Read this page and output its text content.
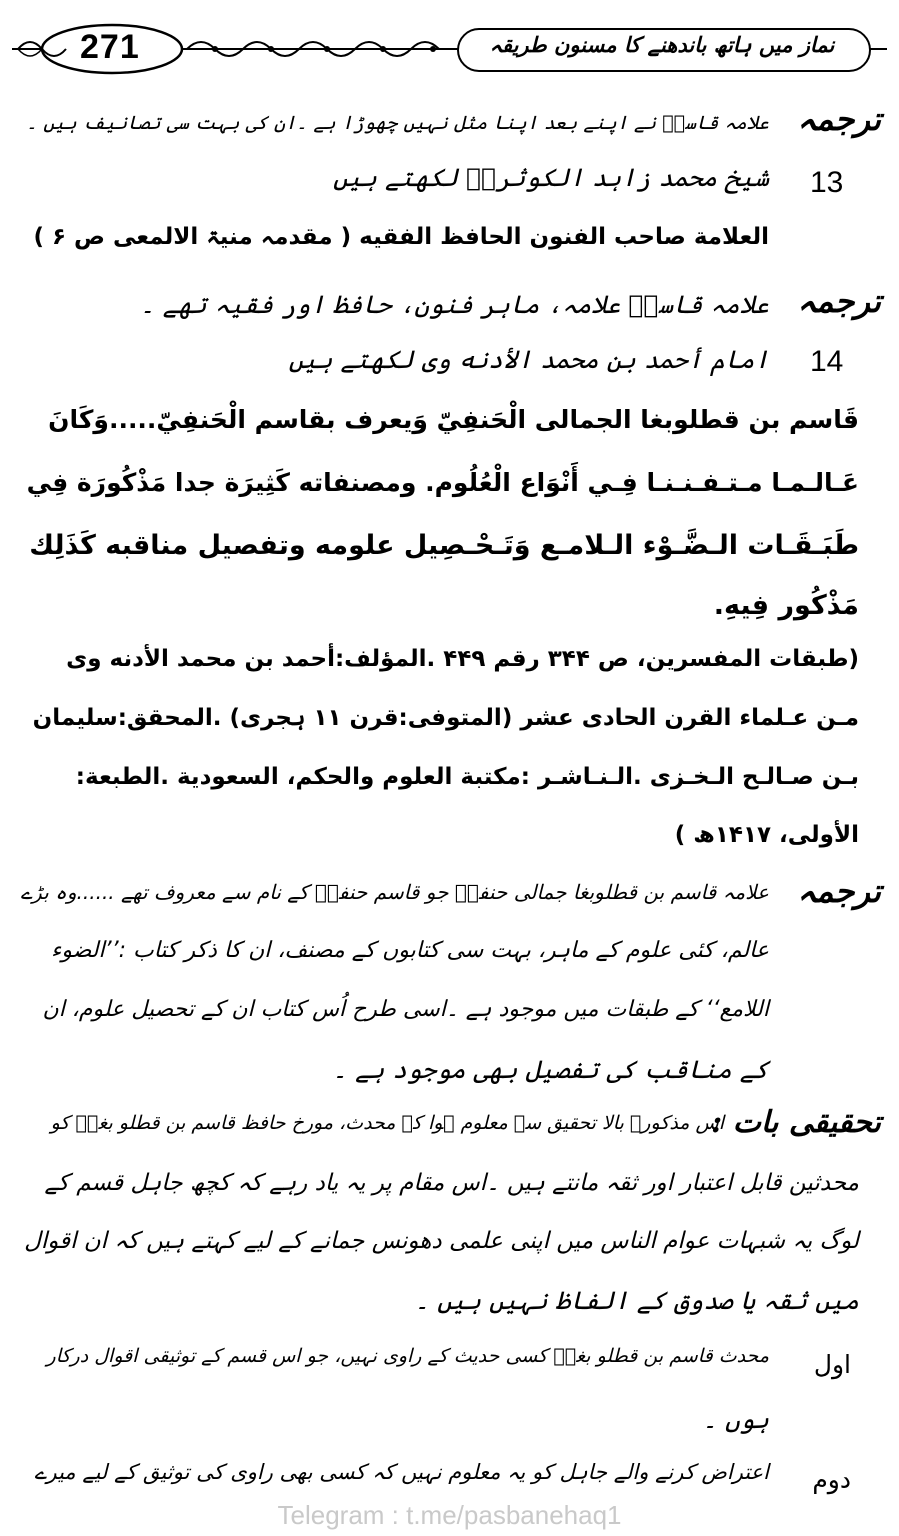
271	نماز میں ہاتھ باندھنے کا مسنون طریقہ
ترجمہ
علامہ قاسمؒ نے اپنے بعد اپنا مثل نہیں چھوڑا ہے ۔ان کی بہت سی تصانیف ہیں ۔
13
شیخ محمد زاہد الکوثریؒ لکھتے ہیں
العلامة صاحب الفنون الحافظ الفقيه ( مقدمہ منیۃ الالمعی ص ۶ )
ترجمہ
علامہ قاسمؒ علامہ، ماہر فنون، حافظ اور فقیہ تھے ۔
14
امام أحمد بن محمد الأدنه وی لکھتے ہیں
قَاسم بن قطلوبغا الجمالى الْحَنفِيّ وَيعرف بقاسم الْحَنفِيّ.....وَكَانَ
عَـالـمـا مـتـفـنـنـا فِـي أَنْوَاع الْعُلُوم. ومصنفاته كَثِيرَة جدا مَذْكُورَة فِي
طَبَـقَـات الـضَّـوْء الـلامـع وَتَـحْـصِيل علومه وتفصيل مناقبه كَذَلِك
مَذْكُور فِيهِ.
(طبقات المفسرين، ص ۳۴۴ رقم ۴۴۹ .المؤلف:أحمد بن محمد الأدنه وی
مـن عـلماء القرن الحادی عشر (المتوفی:قرن ۱۱ ہجری) .المحقق:سليمان
بـن صـالـح الـخـزی .الـنـاشـر :مكتبة العلوم والحكم، السعودية .الطبعة:
الأولى، ۱۴۱۷ھ )
ترجمہ
علامہ قاسم بن قطلوبغا جمالی حنفیؒ جو قاسم حنفیؒ کے نام سے معروف تھے ......وہ بڑے
عالم، کئی علوم کے ماہر، بہت سی کتابوں کے مصنف، ان کا ذکر کتاب :’’الضوء
اللامع‘‘ کے طبقات میں موجود ہے ۔اسی طرح اُس کتاب ان کے تحصیل علوم، ان
کے مناقب کی تفصیل بھی موجود ہے ۔
تحقیقی بات :
اس مذکورہ بالا تحقیق سے معلوم ہوا کہ محدث، مورخ حافظ قاسم بن قطلو بغاؒ کو
محدثین قابل اعتبار اور ثقہ مانتے ہیں ۔اس مقام پر یہ یاد رہے کہ کچھ جاہل قسم کے
لوگ یہ شبہات عوام الناس میں اپنی علمی دھونس جمانے کے لیے کہتے ہیں کہ ان اقوال
میں ثقہ یا صدوق کے الفاظ نہیں ہیں ۔
اول
محدث قاسم بن قطلو بغاؒ کسی حدیث کے راوی نہیں، جو اس قسم کے توثیقی اقوال درکار
ہوں ۔
دوم
اعتراض کرنے والے جاہل کو یہ معلوم نہیں کہ کسی بھی راوی کی توثیق کے لیے میرے
Telegram : t.me/pasbanehaq1
